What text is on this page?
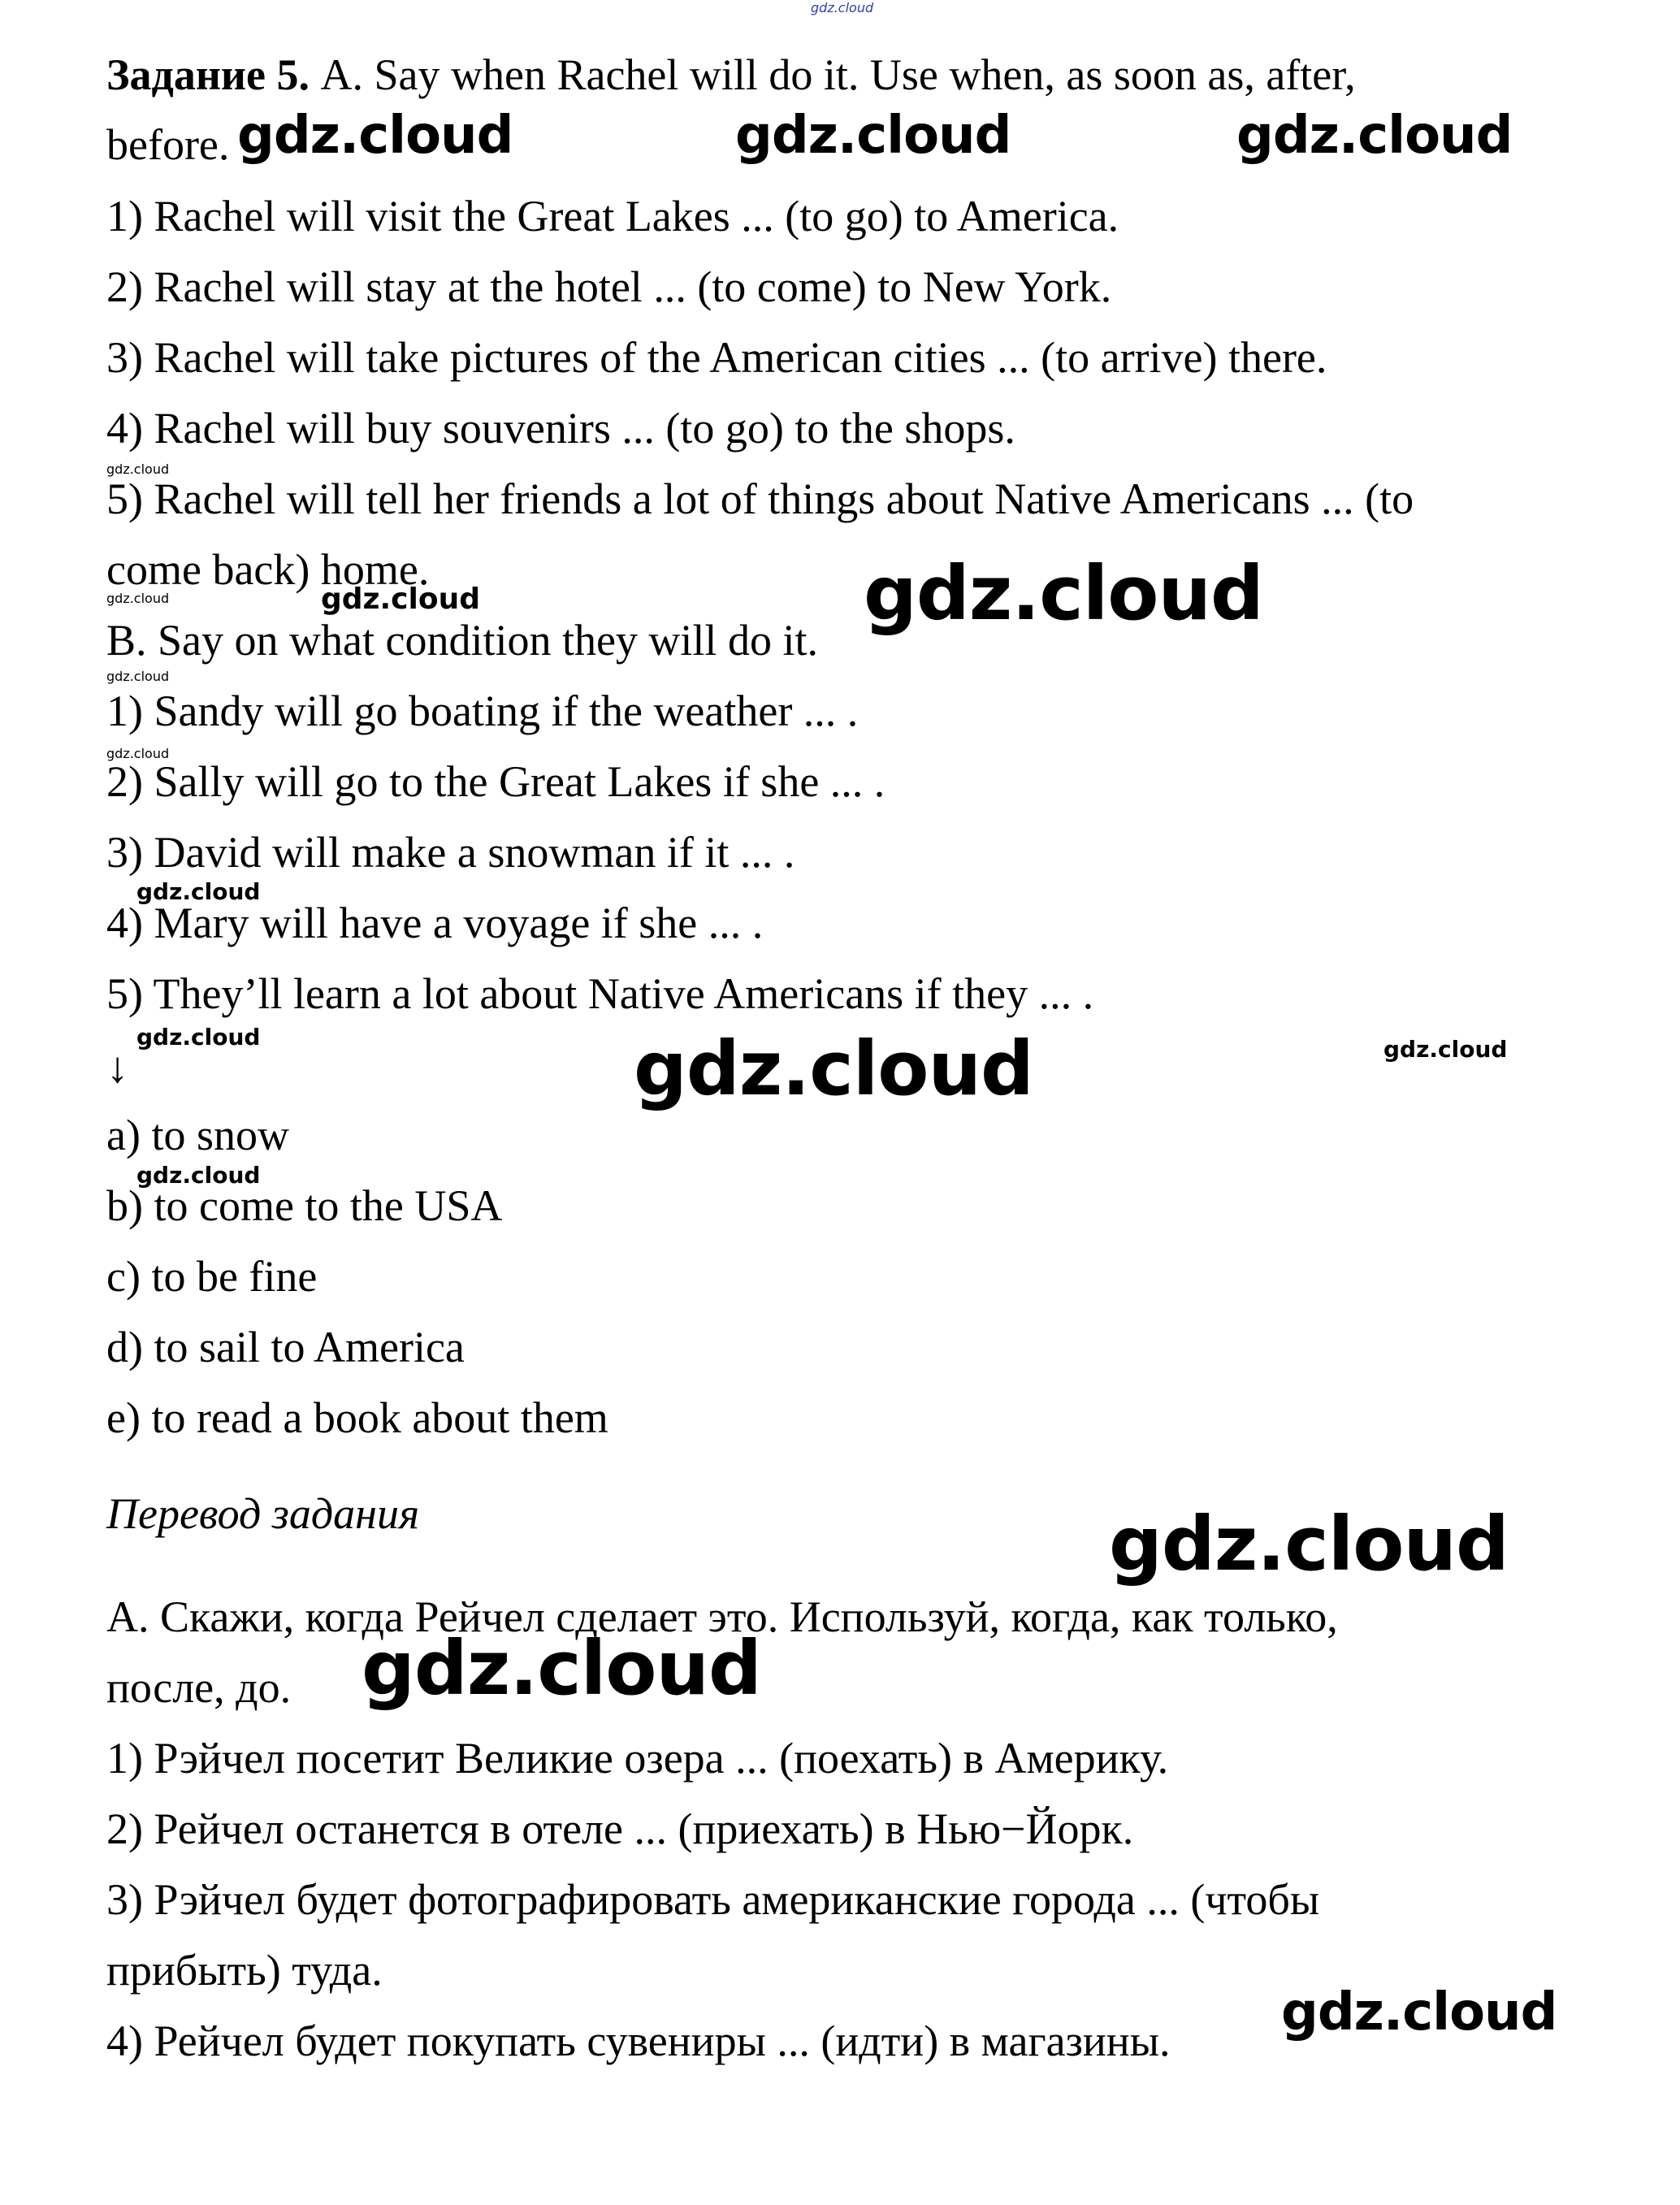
gdz.cloud
Задание 5. A. Say when Rachel will do it. Use when, as soon as, after,
before.
1) Rachel will visit the Great Lakes ... (to go) to America.
2) Rachel will stay at the hotel ... (to come) to New York.
3) Rachel will take pictures of the American cities ... (to arrive) there.
4) Rachel will buy souvenirs ... (to go) to the shops.
5) Rachel will tell her friends a lot of things about Native Americans ... (to
come back) home.
B. Say on what condition they will do it.
1) Sandy will go boating if the weather ... .
2) Sally will go to the Great Lakes if she ... .
3) David will make a snowman if it ... .
4) Mary will have a voyage if she ... .
5) They’ll learn a lot about Native Americans if they ... .
↓
a) to snow
b) to come to the USA
c) to be fine
d) to sail to America
e) to read a book about them
Перевод задания
А. Скажи, когда Рейчел сделает это. Используй, когда, как только,
после, до.
1) Рэйчел посетит Великие озера ... (поехать) в Америку.
2) Рейчел останется в отеле ... (приехать) в Нью−Йорк.
3) Рэйчел будет фотографировать американские города ... (чтобы
прибыть) туда.
4) Рейчел будет покупать сувениры ... (идти) в магазины.
gdz.cloud	gdz.cloud	gdz.cloud
gdz.cloud
gdz.cloud	gdz.cloud	gdz.cloud
gdz.cloud
gdz.cloud
gdz.cloud
gdz.cloud	gdz.cloud	gdz.cloud
gdz.cloud
gdz.cloud
gdz.cloud
gdz.cloud
